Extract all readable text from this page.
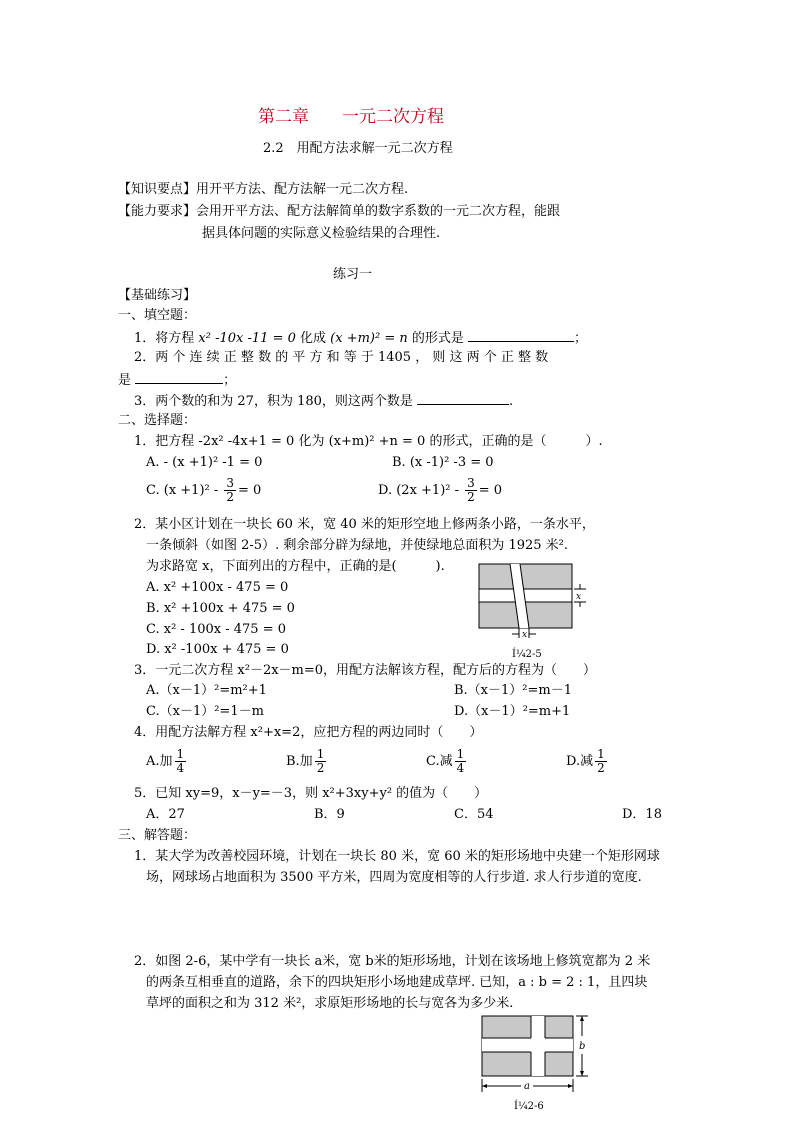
第二章 一元二次方程
2.2　用配方法求解一元二次方程
【知识要点】用开平方法、配方法解一元二次方程.
【能力要求】会用开平方法、配方法解简单的数字系数的一元二次方程，能跟
据具体问题的实际意义检验结果的合理性.
练习一
【基础练习】
一、填空题：
1．将方程 x² -10x -11 = 0 化成 (x +m)² = n 的形式是	；
2．两 个 连 续 正 整 数 的 平 方 和 等 于 1405 ， 则 这 两 个 正 整 数
是	；
3．两个数的和为 27，积为 180，则这两个数是	.
二、选择题：
1．把方程 -2x² -4x+1 = 0 化为 (x+m)² +n = 0 的形式，正确的是（　　　）.
A. - (x +1)² -1 = 0	B. (x -1)² -3 = 0
C. $(x +1)^2 - \frac{3}{2} = 0$	D. $(2x +1)^2 - \frac{3}{2} = 0$
2．某小区计划在一块长 60 米，宽 40 米的矩形空地上修两条小路，一条水平，
一条倾斜（如图 2-5）. 剩余部分辟为绿地，并使绿地总面积为 1925 米².
为求路宽 x，下面列出的方程中，正确的是(　　　).
A. x² +100x - 475 = 0
B. x² +100x + 475 = 0
C. x² - 100x - 475 = 0
D. x² -100x + 475 = 0
x
x
Í¼2-5
3．一元二次方程 x²－2x－m=0，用配方法解该方程，配方后的方程为（　　）
A.（x－1）²=m²+1	B.（x－1）²=m－1
C.（x－1）²=1－m	D.（x－1）²=m+1
4．用配方法解方程 x²+x=2，应把方程的两边同时（　　）
A.加 $\frac{1}{4}$	B.加 $\frac{1}{2}$	C.减 $\frac{1}{4}$	D.减 $\frac{1}{2}$
5．已知 xy=9，x－y=－3，则 x²+3xy+y² 的值为（　　）
A．27	B．9	C．54	D．18
三、解答题：
1．某大学为改善校园环境，计划在一块长 80 米，宽 60 米的矩形场地中央建一个矩形网球
场，网球场占地面积为 3500 平方米，四周为宽度相等的人行步道. 求人行步道的宽度.
2．如图 2-6，某中学有一块长 a米，宽 b米的矩形场地，计划在该场地上修筑宽都为 2 米
的两条互相垂直的道路，余下的四块矩形小场地建成草坪. 已知，a : b = 2 : 1，且四块
草坪的面积之和为 312 米²，求原矩形场地的长与宽各为多少米.
b
a
Í¼2-6
